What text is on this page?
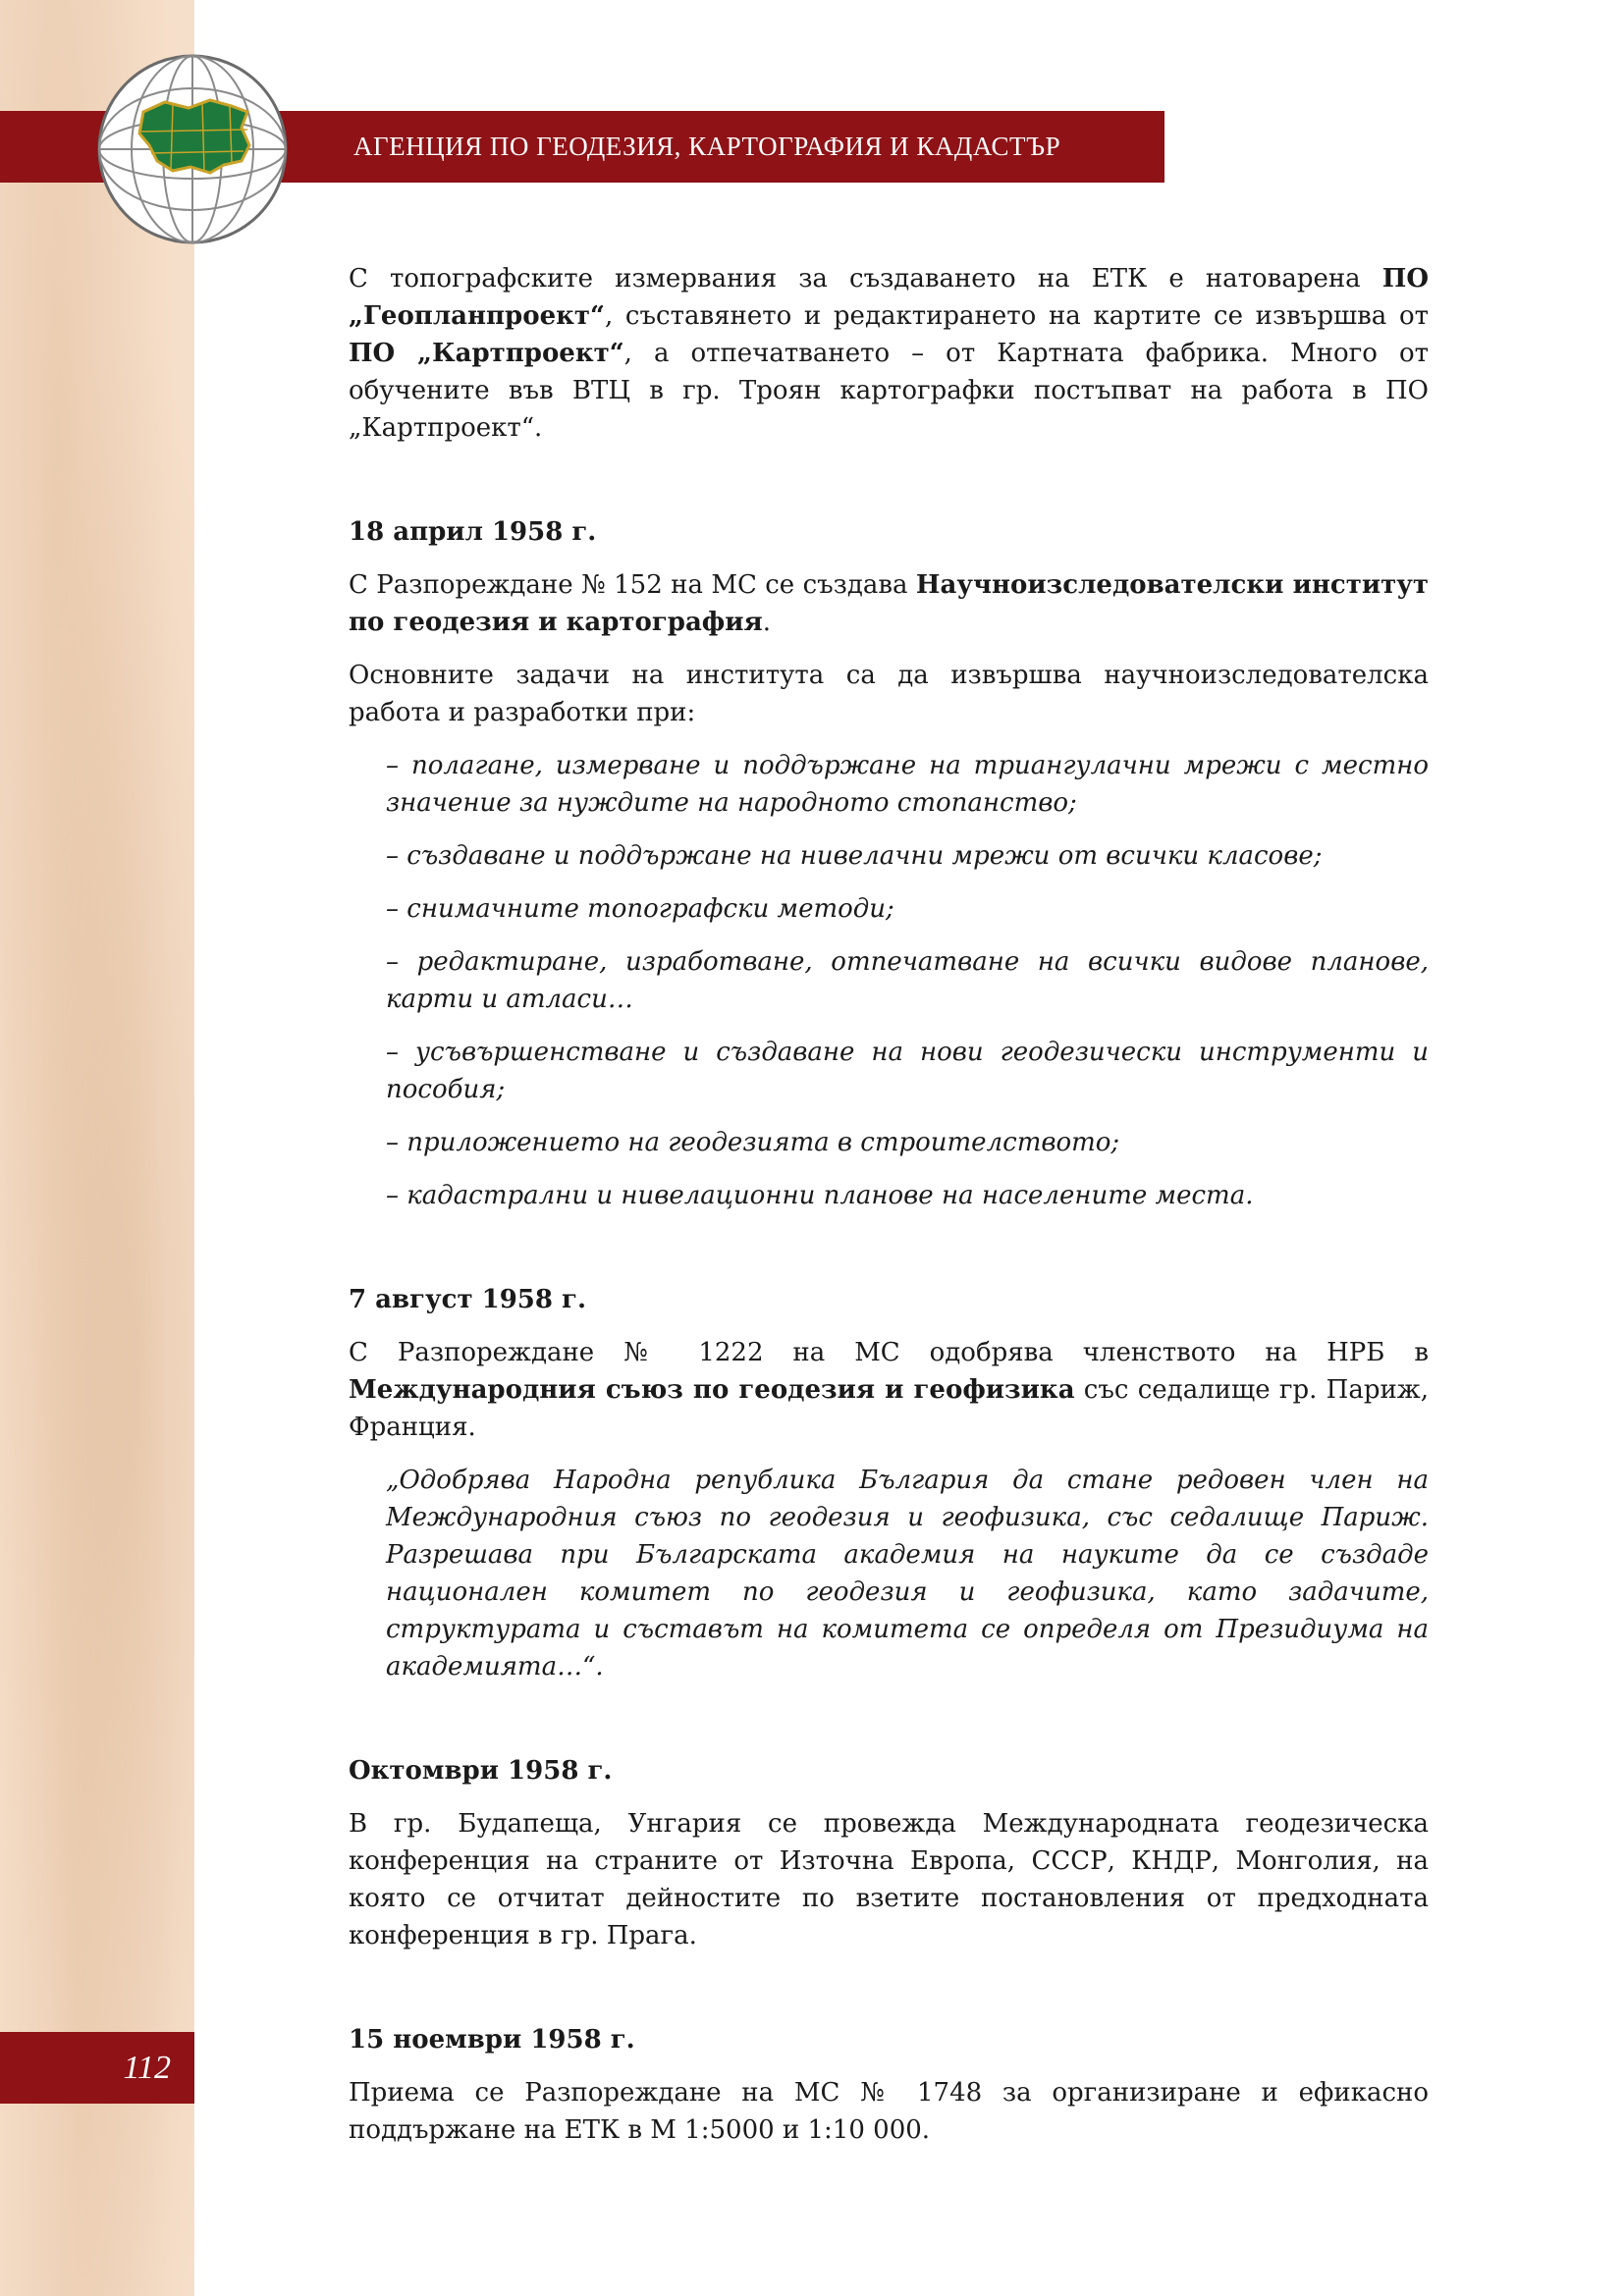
АГЕНЦИЯ ПО ГЕОДЕЗИЯ, КАРТОГРАФИЯ И КАДАСТЪР
112

С топографските измервания за създаването на ЕТК е натоварена ПО „Геопланпроект“, съставянето и редактирането на картите се извършва от ПО „Картпроект“, а отпечатването – от Картната фабрика. Много от обучените във ВТЦ в гр. Троян картографки постъпват на работа в ПО „Картпроект“.

18 април 1958 г.

С Разпореждане № 152 на МС се създава Научноизследователски институт по геодезия и картография.

Основните задачи на института са да извършва научноизследователска работа и разработки при:

– полагане, измерване и поддържане на триангулачни мрежи с местно значение за нуждите на народното стопанство;

– създаване и поддържане на нивелачни мрежи от всички класове;

– снимачните топографски методи;

– редактиране, изработване, отпечатване на всички видове планове, карти и атласи…

– усъвършенстване и създаване на нови геодезически инструменти и пособия;

– приложението на геодезията в строителството;

– кадастрални и нивелационни планове на населените места.

7 август 1958 г.

С Разпореждане № 1222 на МС одобрява членството на НРБ в Международния съюз по геодезия и геофизика със седалище гр. Париж, Франция.

„Одобрява Народна република България да стане редовен член на Международния съюз по геодезия и геофизика, със седалище Париж. Разрешава при Българската академия на науките да се създаде национален комитет по геодезия и геофизика, като задачите, структурата и съставът на комитета се определя от Президиума на академията…“.

Октомври 1958 г.

В гр. Будапеща, Унгария се провежда Международната геодезическа конференция на страните от Източна Европа, СССР, КНДР, Монголия, на която се отчитат дейностите по взетите постановления от предходната конференция в гр. Прага.

15 ноември 1958 г.

Приема се Разпореждане на МС № 1748 за организиране и ефикасно поддържане на ЕТК в М 1:5000 и 1:10 000.
